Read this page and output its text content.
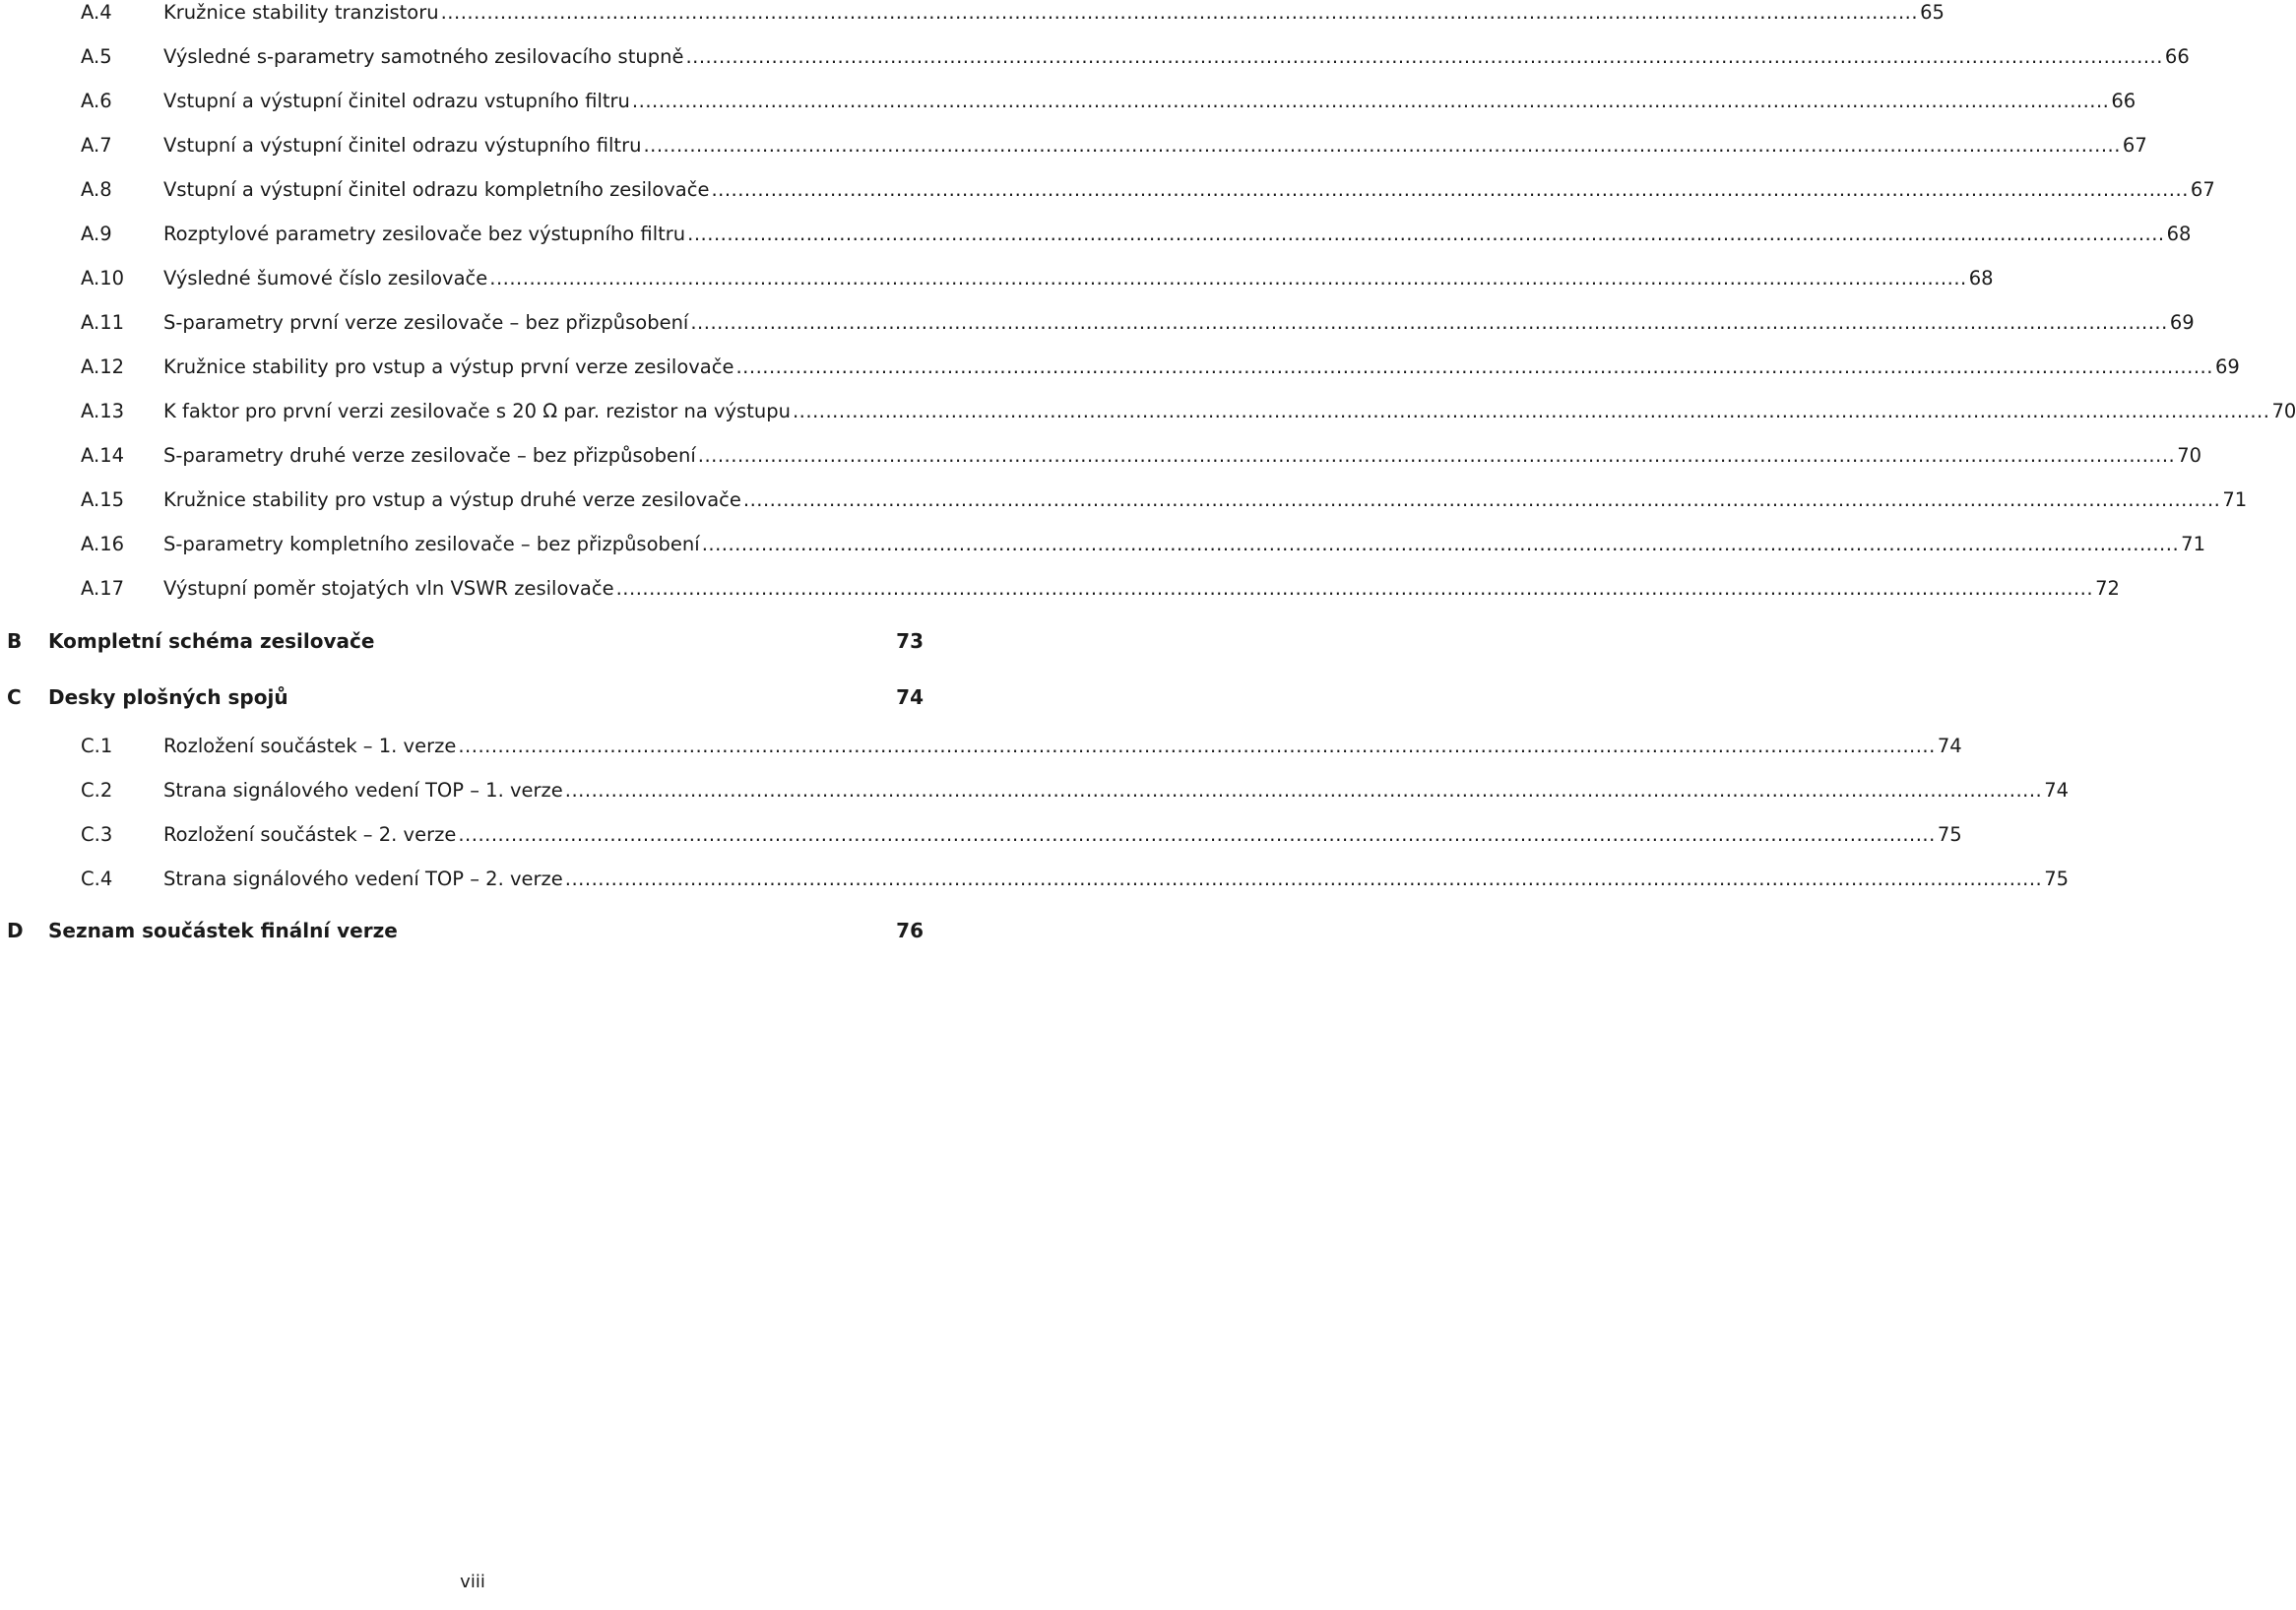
A.4	Kružnice stability tranzistoru .....	65
A.5	Výsledné s-parametry samotného zesilovacího stupně .....	66
A.6	Vstupní a výstupní činitel odrazu vstupního filtru .....	66
A.7	Vstupní a výstupní činitel odrazu výstupního filtru .....	67
A.8	Vstupní a výstupní činitel odrazu kompletního zesilovače .....	67
A.9	Rozptylové parametry zesilovače bez výstupního filtru .....	68
A.10 Výsledné šumové číslo zesilovače .....	68
A.11 S-parametry první verze zesilovače – bez přizpůsobení .....	69
A.12 Kružnice stability pro vstup a výstup první verze zesilovače .....	69
A.13 K faktor pro první verzi zesilovače s 20 Ω par. rezistor na výstupu .....	70
A.14 S-parametry druhé verze zesilovače – bez přizpůsobení .....	70
A.15 Kružnice stability pro vstup a výstup druhé verze zesilovače .....	71
A.16 S-parametry kompletního zesilovače – bez přizpůsobení .....	71
A.17 Výstupní poměr stojatých vln VSWR zesilovače .....	72
B Kompletní schéma zesilovače	73
C Desky plošných spojů	74
C.1	Rozložení součástek – 1. verze .....	74
C.2	Strana signálového vedení TOP – 1. verze .....	74
C.3	Rozložení součástek – 2. verze .....	75
C.4	Strana signálového vedení TOP – 2. verze .....	75
D Seznam součástek finální verze	76
viii
